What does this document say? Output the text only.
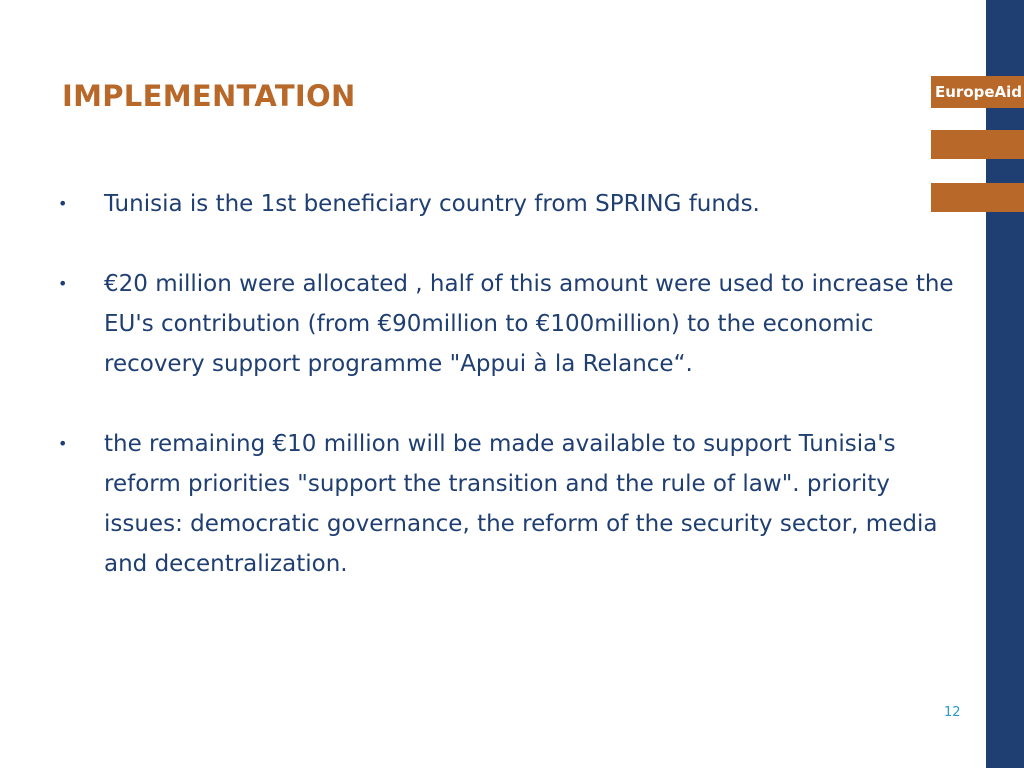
EuropeAid
IMPLEMENTATION
• Tunisia is the 1st beneficiary country from SPRING funds.
• €20 million were allocated , half of this amount were used to increase the EU's contribution (from €90million to €100million) to the economic recovery support programme "Appui à la Relance“.
• the remaining €10 million will be made available to support Tunisia's reform priorities "support the transition and the rule of law". priority issues: democratic governance, the reform of the security sector, media and decentralization.
12
